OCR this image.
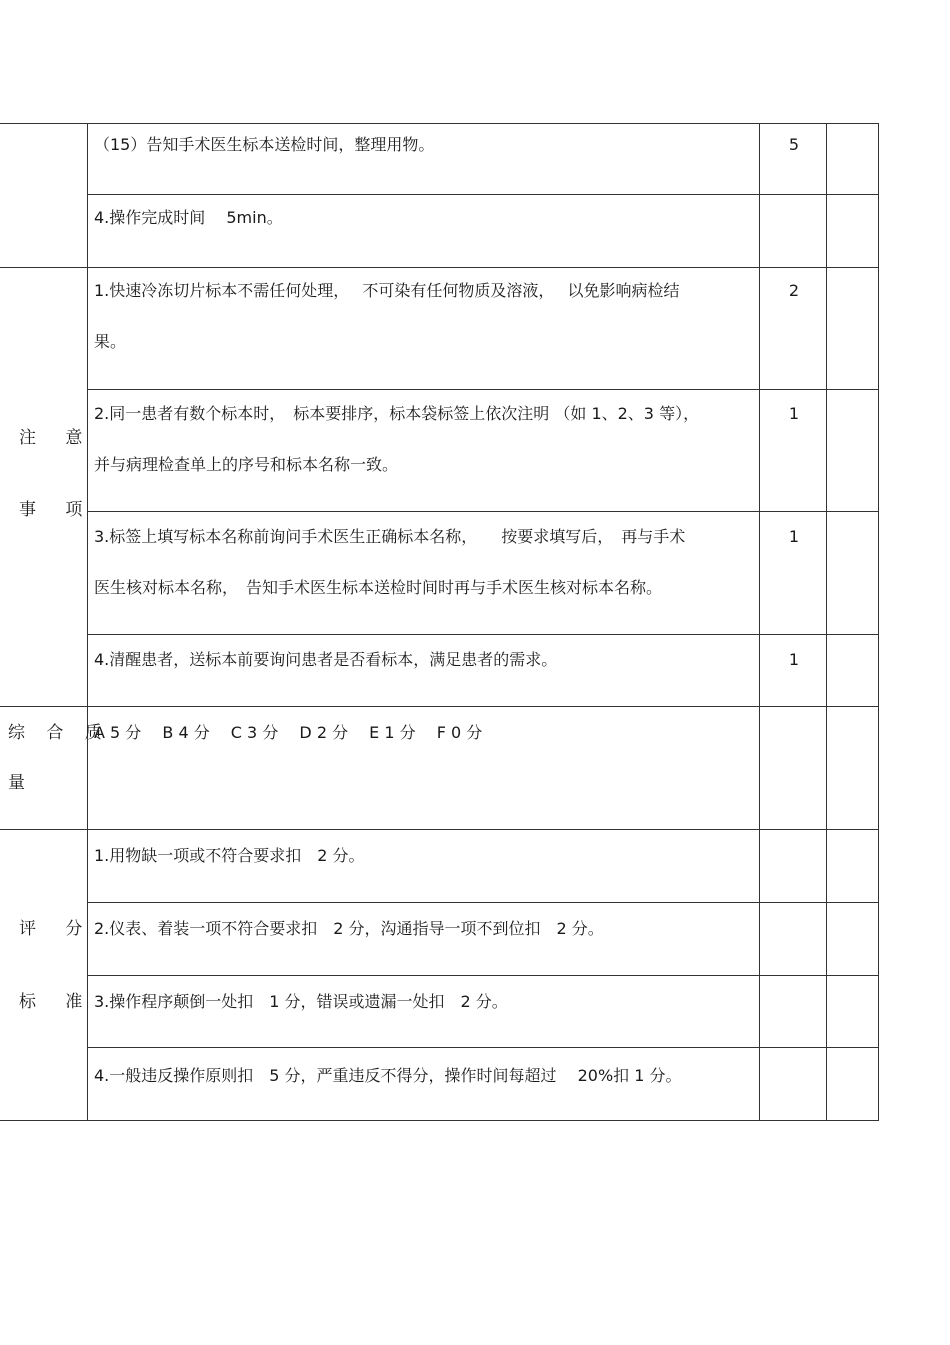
（15）告知手术医生标本送检时间，整理用物。	5
4.操作完成时间　 5min。
注 意
事 项
1.快速冷冻切片标本不需任何处理，　 不可染有任何物质及溶液，　 以免影响病检结
果。
2
2.同一患者有数个标本时，　标本要排序，标本袋标签上依次注明 （如 1、2、3 等），
并与病理检查单上的序号和标本名称一致。
1
3.标签上填写标本名称前询问手术医生正确标本名称，　　按要求填写后，　再与手术
医生核对标本名称，　告知手术医生标本送检时间时再与手术医生核对标本名称。
1
4.清醒患者，送标本前要询问患者是否看标本，满足患者的需求。	1
综 合 质
量
A 5 分　 B 4 分　 C 3 分　 D 2 分　 E 1 分　 F 0 分
评 分
标 准
1.用物缺一项或不符合要求扣　2 分。
2.仪表、着装一项不符合要求扣　2 分，沟通指导一项不到位扣　2 分。
3.操作程序颠倒一处扣　1 分，错误或遗漏一处扣　2 分。
4.一般违反操作原则扣　5 分，严重违反不得分，操作时间每超过　 20%扣 1 分。
